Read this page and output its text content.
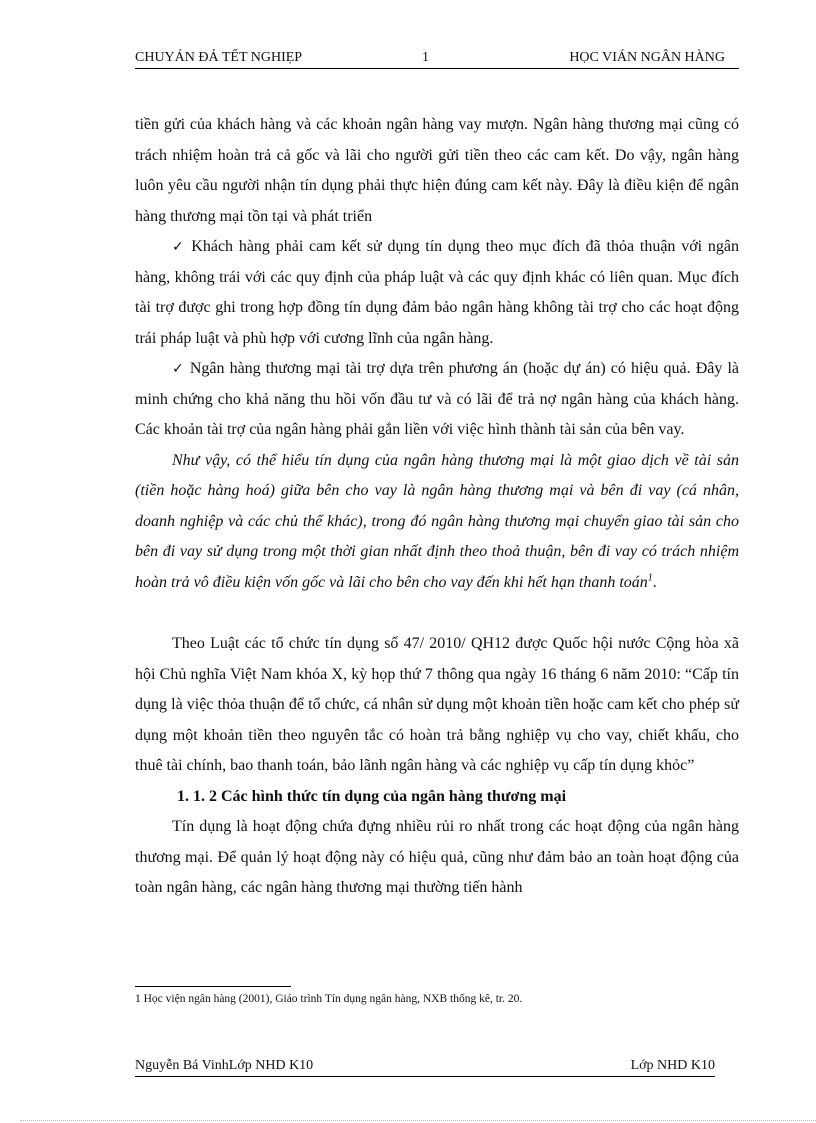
CHUYÁN ĐẢ TẾT NGHIẸP	1	HỌC VIÁN NGÂN HÀNG

tiền gửi của khách hàng và các khoản ngân hàng vay mượn. Ngân hàng thương mại cũng có trách nhiệm hoàn trả cả gốc và lãi cho người gửi tiền theo các cam kết. Do vậy, ngân hàng luôn yêu cầu người nhận tín dụng phải thực hiện đúng cam kết này. Đây là điều kiện để ngân hàng thương mại tồn tại và phát triển

✓ Khách hàng phải cam kết sử dụng tín dụng theo mục đích đã thỏa thuận với ngân hàng, không trái với các quy định của pháp luật và các quy định khác có liên quan. Mục đích tài trợ được ghi trong hợp đồng tín dụng đảm bảo ngân hàng không tài trợ cho các hoạt động trái pháp luật và phù hợp với cương lĩnh của ngân hàng.

✓ Ngân hàng thương mại tài trợ dựa trên phương án (hoặc dự án) có hiệu quả. Đây là minh chứng cho khả năng thu hồi vốn đầu tư và có lãi để trả nợ ngân hàng của khách hàng. Các khoản tài trợ của ngân hàng phải gắn liền với việc hình thành tài sản của bên vay.

Như vậy, có thể hiểu tín dụng của ngân hàng thương mại là một giao dịch về tài sản (tiền hoặc hàng hoá) giữa bên cho vay là ngân hàng thương mại và bên đi vay (cá nhân, doanh nghiệp và các chủ thể khác), trong đó ngân hàng thương mại chuyển giao tài sản cho bên đi vay sử dụng trong một thời gian nhất định theo thoả thuận, bên đi vay có trách nhiệm hoàn trả vô điều kiện vốn gốc và lãi cho bên cho vay đến khi hết hạn thanh toán$^1$.

Theo Luật các tổ chức tín dụng số 47/ 2010/ QH12 được Quốc hội nước Cộng hòa xã hội Chủ nghĩa Việt Nam khóa X, kỳ họp thứ 7 thông qua ngày 16 tháng 6 năm 2010: “Cấp tín dụng là việc thỏa thuận để tổ chức, cá nhân sử dụng một khoản tiền hoặc cam kết cho phép sử dụng một khoản tiền theo nguyên tắc có hoàn trả bằng nghiệp vụ cho vay, chiết khấu, cho thuê tài chính, bao thanh toán, bảo lãnh ngân hàng và các nghiệp vụ cấp tín dụng khỏc”

1. 1. 2 Các hình thức tín dụng của ngân hàng thương mại

Tín dụng là hoạt động chứa đựng nhiều rủi ro nhất trong các hoạt động của ngân hàng thương mại. Để quản lý hoạt động này có hiệu quả, cũng như đảm bảo an toàn hoạt động của toàn ngân hàng, các ngân hàng thương mại thường tiến hành

1 Học viện ngân hàng (2001), Giáo trình Tín dụng ngân hàng, NXB thống kê, tr. 20.
Nguyễn Bá VinhLớp NHD K10	Lớp NHD K10
